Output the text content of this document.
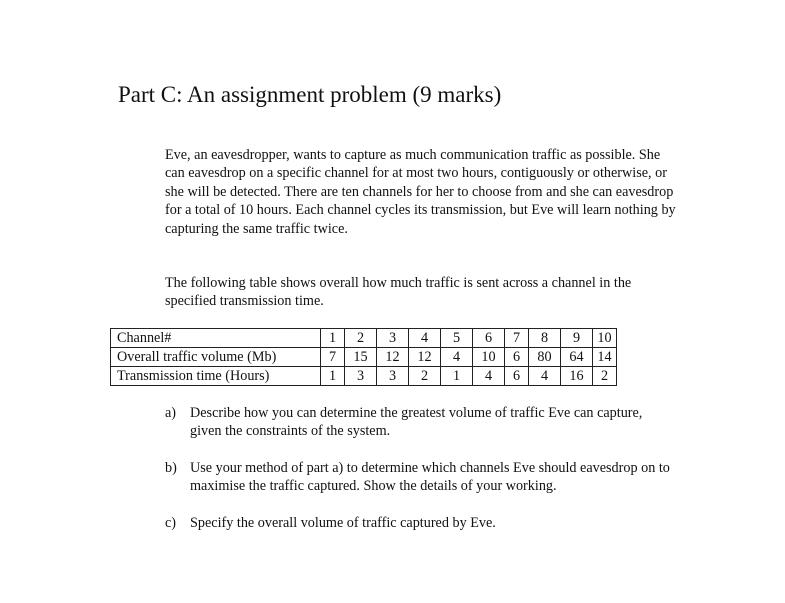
Part C: An assignment problem (9 marks)

Eve, an eavesdropper, wants to capture as much communication traffic as possible. She can eavesdrop on a specific channel for at most two hours, contiguously or otherwise, or she will be detected. There are ten channels for her to choose from and she can eavesdrop for a total of 10 hours. Each channel cycles its transmission, but Eve will learn nothing by capturing the same traffic twice.

The following table shows overall how much traffic is sent across a channel in the specified transmission time.

Channel#	1	2	3	4	5	6	7	8	9	10
Overall traffic volume (Mb)	7	15	12	12	4	10	6	80	64	14
Transmission time (Hours)	1	3	3	2	1	4	6	4	16	2
a) Describe how you can determine the greatest volume of traffic Eve can capture, given the constraints of the system.
b) Use your method of part a) to determine which channels Eve should eavesdrop on to maximise the traffic captured. Show the details of your working.
c) Specify the overall volume of traffic captured by Eve.
